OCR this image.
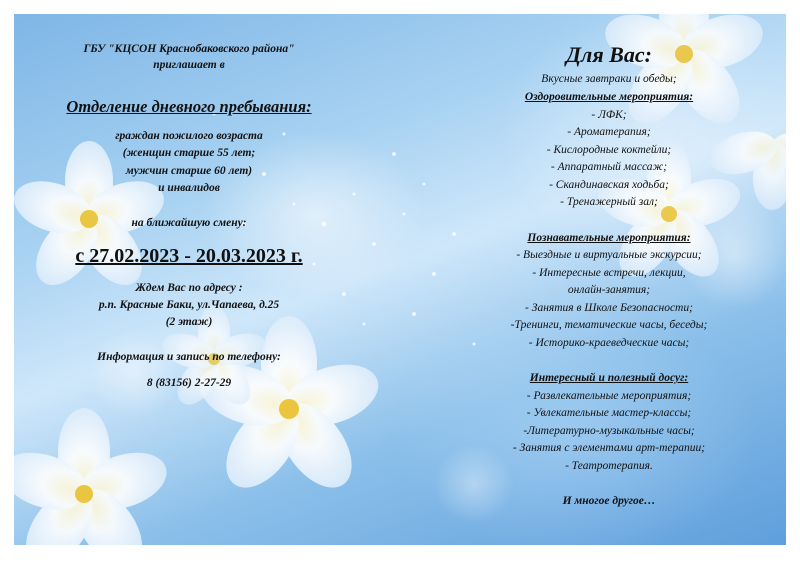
ГБУ "КЦСОН Краснобаковского района"
приглашает в
Отделение дневного пребывания:
граждан пожилого возраста
(женщин старше 55 лет;
мужчин старше 60 лет)
и инвалидов
на ближайшую смену:
с 27.02.2023 - 20.03.2023 г.
Ждем Вас по адресу :
р.п. Красные Баки, ул.Чапаева, д.25
(2 этаж)
Информация и запись по телефону:
8 (83156) 2-27-29
Для Вас:
Вкусные завтраки и обеды;
Оздоровительные мероприятия:
- ЛФК;
- Ароматерапия;
- Кислородные коктейли;
- Аппаратный массаж;
- Скандинавская ходьба;
- Тренажерный зал;
Познавательные мероприятия:
- Выездные и виртуальные экскурсии;
- Интересные встречи, лекции,
онлайн-занятия;
- Занятия в Школе Безопасности;
-Тренинги, тематические часы, беседы;
- Историко-краеведческие часы;
Интересный и полезный досуг:
- Развлекательные мероприятия;
- Увлекательные мастер-классы;
-Литературно-музыкальные часы;
- Занятия с элементами арт-терапии;
- Театротерапия.
И многое другое…
